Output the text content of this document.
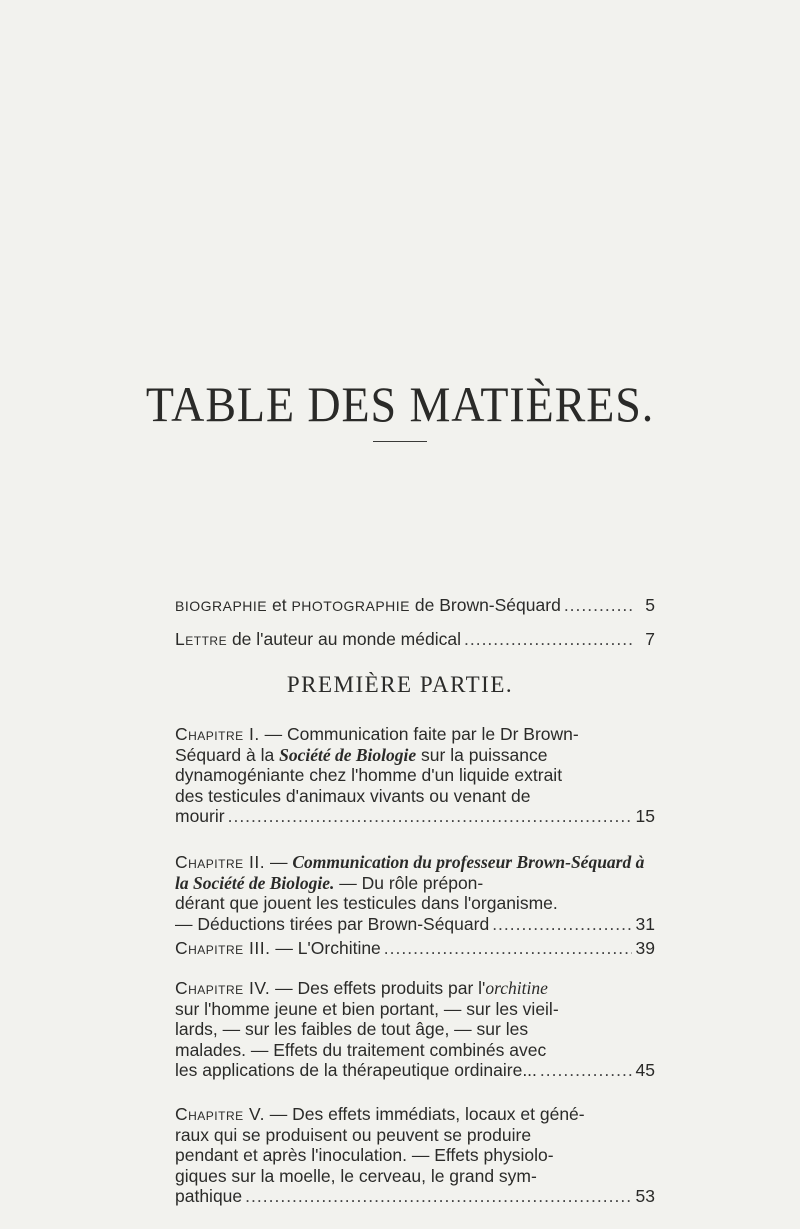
TABLE DES MATIÈRES.
BIOGRAPHIE et PHOTOGRAPHIE de Brown-Séquard .....	5
Lettre de l'auteur au monde médical .....	7
PREMIÈRE PARTIE.
Chapitre I. — Communication faite par le Dr Brown-
Séquard à la Société de Biologie sur la puissance
dynamogéniante chez l'homme d'un liquide extrait
des testicules d'animaux vivants ou venant de
mourir .....	15
Chapitre II. — Communication du professeur Brown-Séquard à la Société de Biologie. — Du rôle prépon-
dérant que jouent les testicules dans l'organisme.
— Déductions tirées par Brown-Séquard .....	31
Chapitre III. — L'Orchitine .....	39
Chapitre IV. — Des effets produits par l'orchitine
sur l'homme jeune et bien portant, — sur les vieil-
lards, — sur les faibles de tout âge, — sur les
malades. — Effets du traitement combinés avec
les applications de la thérapeutique ordinaire... .....	45
Chapitre V. — Des effets immédiats, locaux et géné-
raux qui se produisent ou peuvent se produire
pendant et après l'inoculation. — Effets physiolo-
giques sur la moelle, le cerveau, le grand sym-
pathique .....	53
